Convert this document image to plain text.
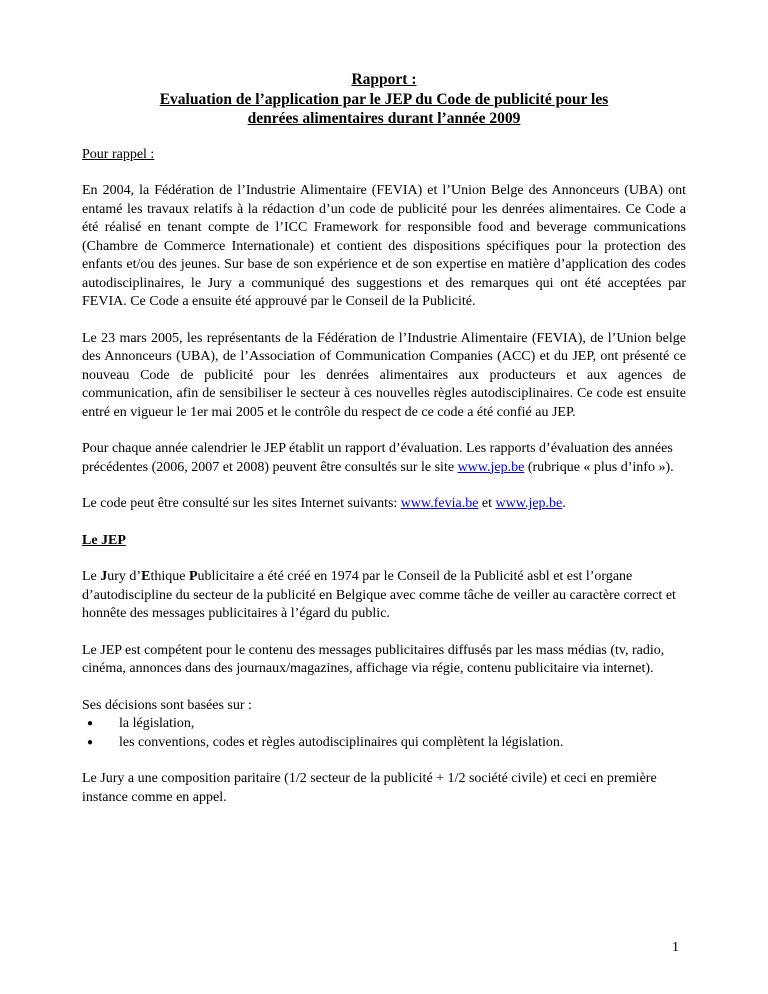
Rapport :
Evaluation de l’application par le JEP du Code de publicité pour les
denrées alimentaires durant l’année 2009

Pour rappel :

En 2004, la Fédération de l’Industrie Alimentaire (FEVIA) et l’Union Belge des Annonceurs (UBA) ont entamé les travaux relatifs à la rédaction d’un code de publicité pour les denrées alimentaires. Ce Code a été réalisé en tenant compte de l’ICC Framework for responsible food and beverage communications (Chambre de Commerce Internationale) et contient des dispositions spécifiques pour la protection des enfants et/ou des jeunes. Sur base de son expérience et de son expertise en matière d’application des codes autodisciplinaires, le Jury a communiqué des suggestions et des remarques qui ont été acceptées par FEVIA. Ce Code a ensuite été approuvé par le Conseil de la Publicité.

Le 23 mars 2005, les représentants de la Fédération de l’Industrie Alimentaire (FEVIA), de l’Union belge des Annonceurs (UBA), de l’Association of Communication Companies (ACC) et du JEP, ont présenté ce nouveau Code de publicité pour les denrées alimentaires aux producteurs et aux agences de communication, afin de sensibiliser le secteur à ces nouvelles règles autodisciplinaires. Ce code est ensuite entré en vigueur le 1er mai 2005 et le contrôle du respect de ce code a été confié au JEP.

Pour chaque année calendrier le JEP établit un rapport d’évaluation. Les rapports d’évaluation des années précédentes (2006, 2007 et 2008) peuvent être consultés sur le site www.jep.be (rubrique « plus d’info »).

Le code peut être consulté sur les sites Internet suivants: www.fevia.be et www.jep.be.

Le JEP

Le Jury d’Ethique Publicitaire a été créé en 1974 par le Conseil de la Publicité asbl et est l’organe d’autodiscipline du secteur de la publicité en Belgique avec comme tâche de veiller au caractère correct et honnête des messages publicitaires à l’égard du public.

Le JEP est compétent pour le contenu des messages publicitaires diffusés par les mass médias (tv, radio, cinéma, annonces dans des journaux/magazines, affichage via régie, contenu publicitaire via internet).

Ses décisions sont basées sur :
● la législation,
● les conventions, codes et règles autodisciplinaires qui complètent la législation.

Le Jury a une composition paritaire (1/2 secteur de la publicité + 1/2 société civile) et ceci en première instance comme en appel.

1
